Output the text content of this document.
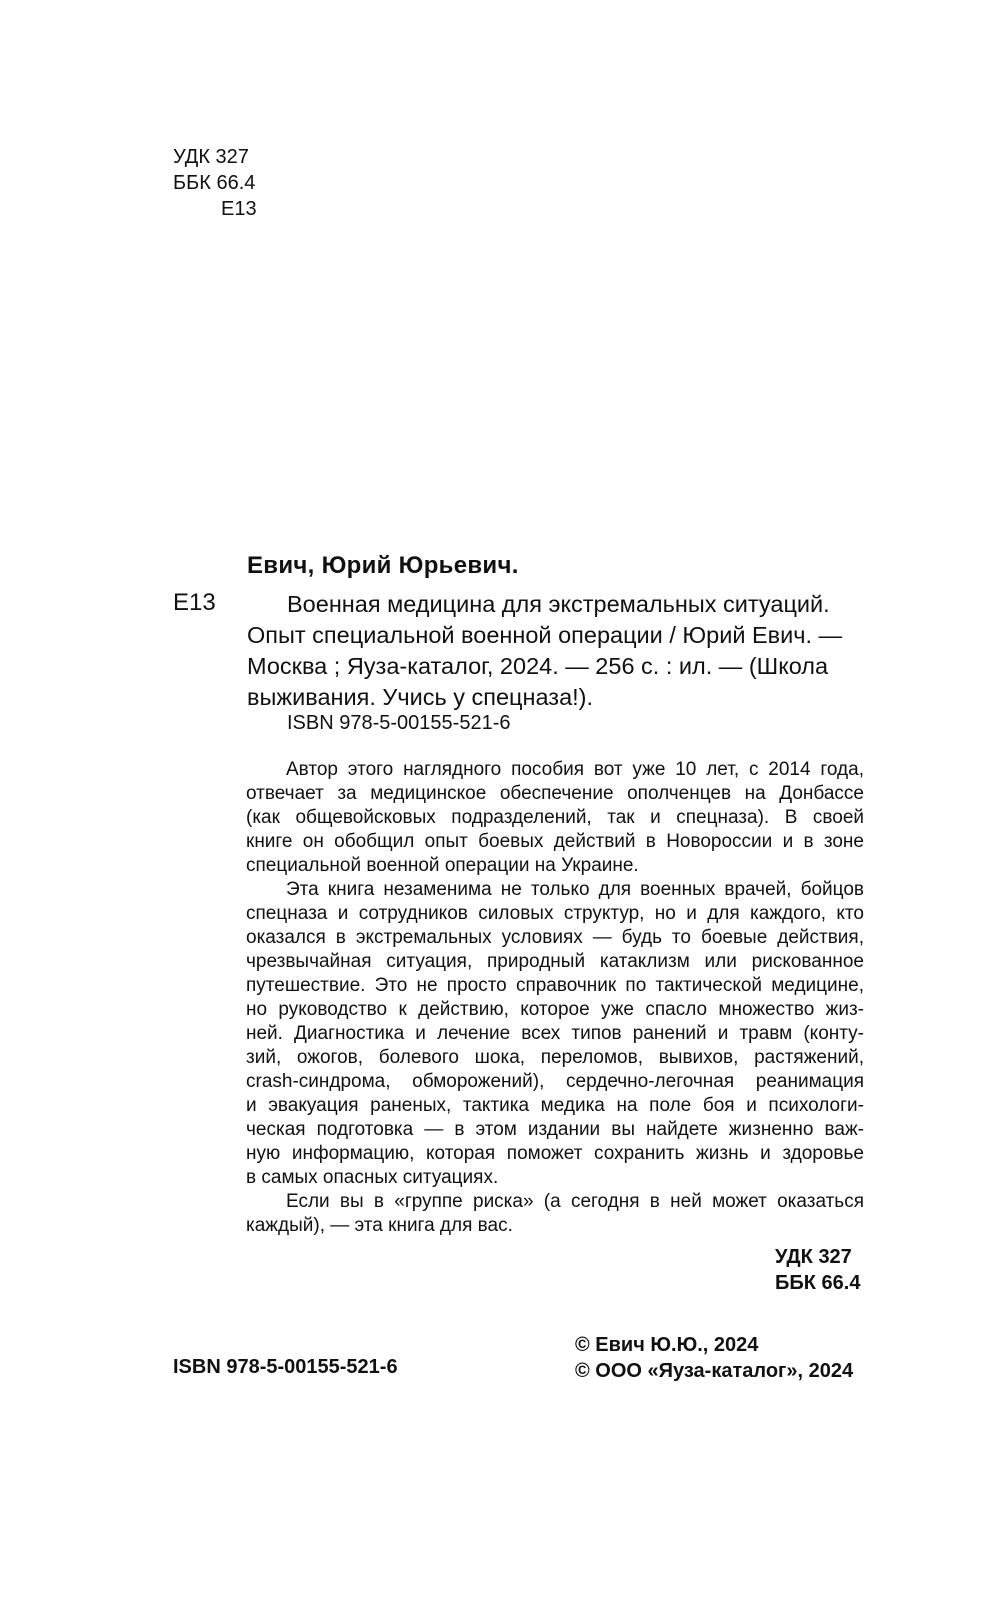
УДК 327
ББК 66.4
Е13
Евич, Юрий Юрьевич.
Е13	Военная медицина для экстремальных ситуаций.
Опыт специальной военной операции / Юрий Евич. —
Москва ; Яуза-каталог, 2024. — 256 с. : ил. — (Школа
выживания. Учись у спецназа!).
ISBN 978-5-00155-521-6
Автор этого наглядного пособия вот уже 10 лет, с 2014 года,
отвечает за медицинское обеспечение ополченцев на Донбассе
(как общевойсковых подразделений, так и спецназа). В своей
книге он обобщил опыт боевых действий в Новороссии и в зоне
специальной военной операции на Украине.
Эта книга незаменима не только для военных врачей, бойцов
спецназа и сотрудников силовых структур, но и для каждого, кто
оказался в экстремальных условиях — будь то боевые действия,
чрезвычайная ситуация, природный катаклизм или рискованное
путешествие. Это не просто справочник по тактической медицине,
но руководство к действию, которое уже спасло множество жиз-
ней. Диагностика и лечение всех типов ранений и травм (конту-
зий, ожогов, болевого шока, переломов, вывихов, растяжений,
crash-синдрома, обморожений), сердечно-легочная реанимация
и эвакуация раненых, тактика медика на поле боя и психологи-
ческая подготовка — в этом издании вы найдете жизненно важ-
ную информацию, которая поможет сохранить жизнь и здоровье
в самых опасных ситуациях.
Если вы в «группе риска» (а сегодня в ней может оказаться
каждый), — эта книга для вас.
УДК 327
ББК 66.4
ISBN 978-5-00155-521-6
© Евич Ю.Ю., 2024
© ООО «Яуза-каталог», 2024
